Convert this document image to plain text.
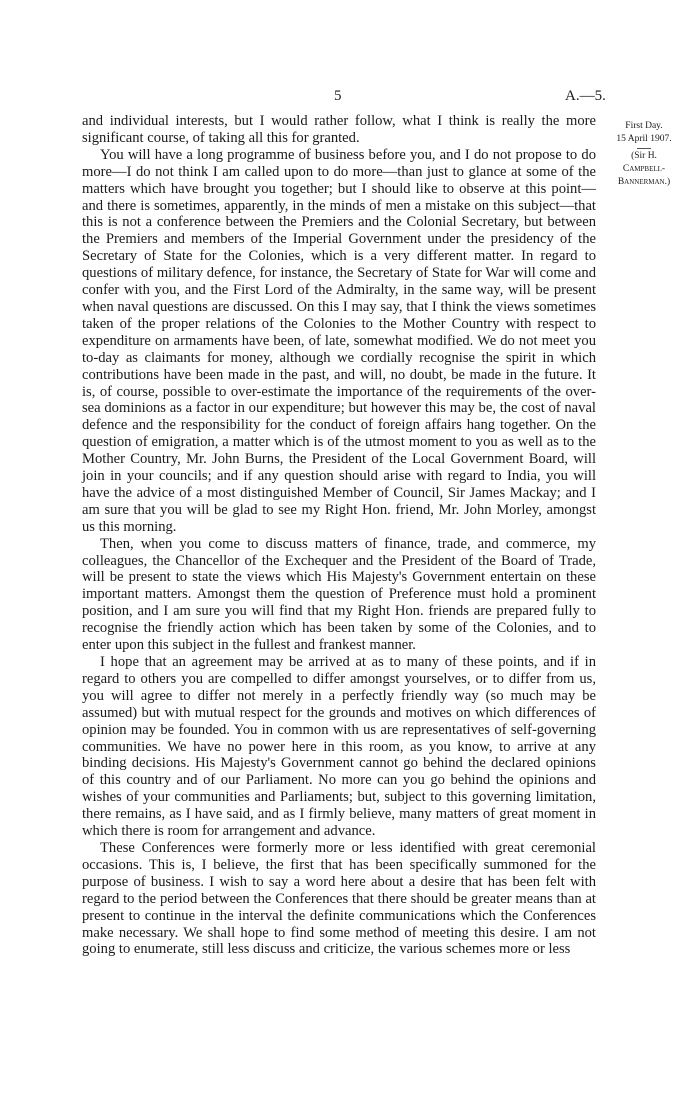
5	A.—5.
First Day.
15 April 1907.
(Sir H.
Campbell-
Bannerman.)

and individual interests, but I would rather follow, what I think is really the more significant course, of taking all this for granted.

You will have a long programme of business before you, and I do not propose to do more—I do not think I am called upon to do more—than just to glance at some of the matters which have brought you together; but I should like to observe at this point—and there is sometimes, apparently, in the minds of men a mistake on this subject—that this is not a conference between the Premiers and the Colonial Secretary, but between the Premiers and members of the Imperial Government under the presidency of the Secretary of State for the Colonies, which is a very different matter. In regard to questions of military defence, for instance, the Secretary of State for War will come and confer with you, and the First Lord of the Admiralty, in the same way, will be present when naval questions are discussed. On this I may say, that I think the views sometimes taken of the proper relations of the Colonies to the Mother Country with respect to expenditure on armaments have been, of late, somewhat modified. We do not meet you to-day as claimants for money, although we cordially recognise the spirit in which contributions have been made in the past, and will, no doubt, be made in the future. It is, of course, possible to over-estimate the importance of the requirements of the over-sea dominions as a factor in our expenditure; but however this may be, the cost of naval defence and the responsibility for the conduct of foreign affairs hang together. On the question of emigration, a matter which is of the utmost moment to you as well as to the Mother Country, Mr. John Burns, the President of the Local Government Board, will join in your councils; and if any question should arise with regard to India, you will have the advice of a most distinguished Member of Council, Sir James Mackay; and I am sure that you will be glad to see my Right Hon. friend, Mr. John Morley, amongst us this morning.

Then, when you come to discuss matters of finance, trade, and commerce, my colleagues, the Chancellor of the Exchequer and the President of the Board of Trade, will be present to state the views which His Majesty's Government entertain on these important matters. Amongst them the question of Preference must hold a prominent position, and I am sure you will find that my Right Hon. friends are prepared fully to recognise the friendly action which has been taken by some of the Colonies, and to enter upon this subject in the fullest and frankest manner.

I hope that an agreement may be arrived at as to many of these points, and if in regard to others you are compelled to differ amongst yourselves, or to differ from us, you will agree to differ not merely in a perfectly friendly way (so much may be assumed) but with mutual respect for the grounds and motives on which differences of opinion may be founded. You in common with us are representatives of self-governing communities. We have no power here in this room, as you know, to arrive at any binding decisions. His Majesty's Government cannot go behind the declared opinions of this country and of our Parliament. No more can you go behind the opinions and wishes of your communities and Parliaments; but, subject to this governing limitation, there remains, as I have said, and as I firmly believe, many matters of great moment in which there is room for arrangement and advance.

These Conferences were formerly more or less identified with great ceremonial occasions. This is, I believe, the first that has been specifically summoned for the purpose of business. I wish to say a word here about a desire that has been felt with regard to the period between the Conferences that there should be greater means than at present to continue in the interval the definite communications which the Conferences make necessary. We shall hope to find some method of meeting this desire. I am not going to enumerate, still less discuss and criticize, the various schemes more or less
